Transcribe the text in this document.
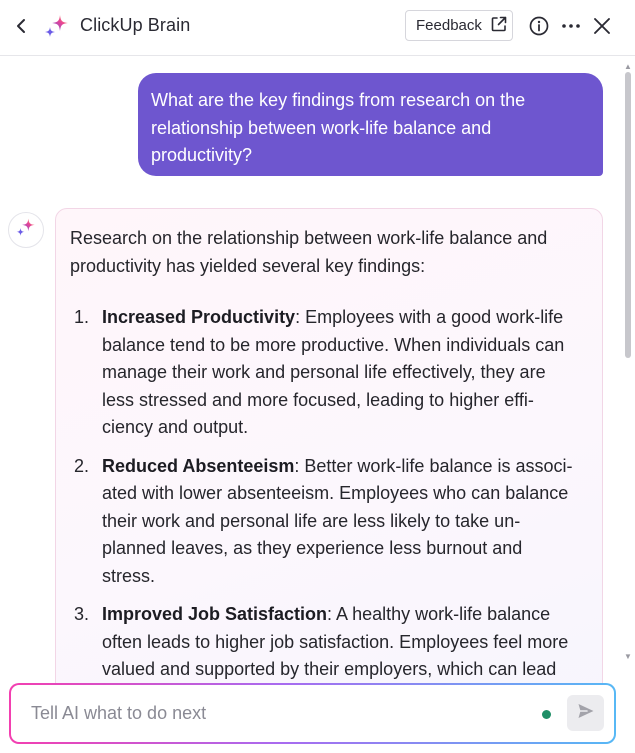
ClickUp Brain	Feedback
What are the key findings from research on the relationship between work-life balance and productivity?
Research on the relationship between work-life balance and productivity has yielded several key findings:
1. Increased Productivity: Employees with a good work-life balance tend to be more productive. When individuals can manage their work and personal life effectively, they are less stressed and more focused, leading to higher effi-ciency and output.
2. Reduced Absenteeism: Better work-life balance is associ-ated with lower absenteeism. Employees who can balance their work and personal life are less likely to take un-planned leaves, as they experience less burnout and stress.
3. Improved Job Satisfaction: A healthy work-life balance often leads to higher job satisfaction. Employees feel more valued and supported by their employers, which can lead
▲
▼
Tell AI what to do next
